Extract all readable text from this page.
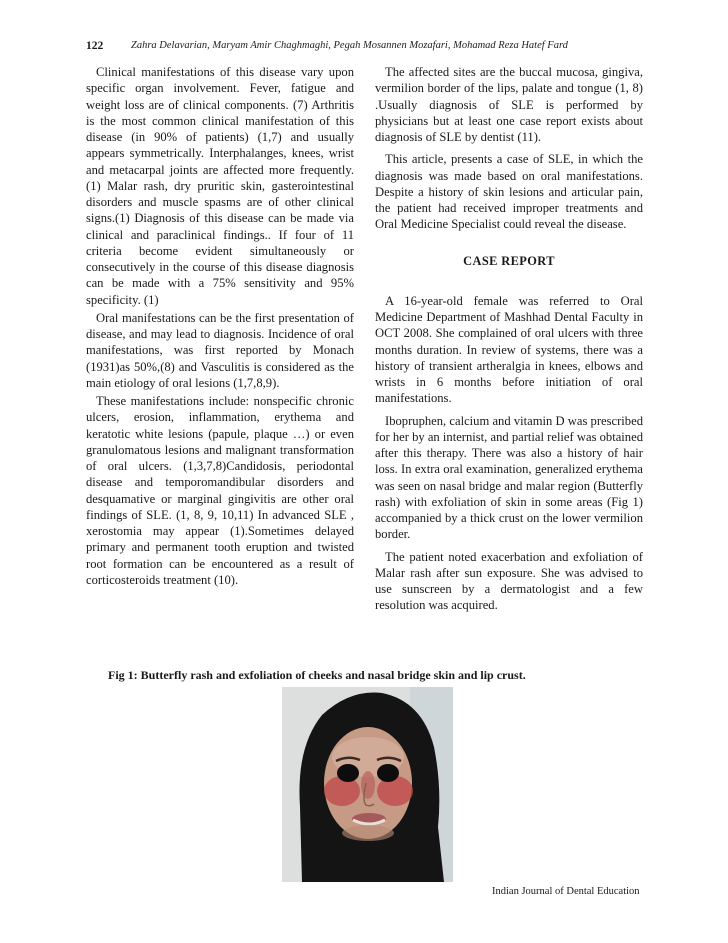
122	Zahra Delavarian, Maryam Amir Chaghmaghi, Pegah Mosannen Mozafari, Mohamad Reza Hatef Fard

Clinical manifestations of this disease vary upon specific organ involvement. Fever, fatigue and weight loss are of clinical components. (7) Arthritis is the most common clinical manifestation of this disease (in 90% of patients) (1,7) and usually appears symmetrically. Interphalanges, knees, wrist and metacarpal joints are affected more frequently.(1) Malar rash, dry pruritic skin, gasterointestinal disorders and muscle spasms are of other clinical signs.(1) Diagnosis of this disease can be made via clinical and paraclinical findings.. If four of 11 criteria become evident simultaneously or consecutively in the course of this disease diagnosis can be made with a 75% sensitivity and 95% specificity. (1)

Oral manifestations can be the first presentation of disease, and may lead to diagnosis. Incidence of oral manifestations, was first reported by Monach (1931)as 50%,(8) and Vasculitis is considered as the main etiology of oral lesions (1,7,8,9).

These manifestations include: nonspecific chronic ulcers, erosion, inflammation, erythema and keratotic white lesions (papule, plaque …) or even granulomatous lesions and malignant transformation of oral ulcers. (1,3,7,8)Candidosis, periodontal disease and temporomandibular disorders and desquamative or marginal gingivitis are other oral findings of SLE. (1, 8, 9, 10,11) In advanced SLE , xerostomia may appear (1).Sometimes delayed primary and permanent tooth eruption and twisted root formation can be encountered as a result of corticosteroids treatment (10).

The affected sites are the buccal mucosa, gingiva, vermilion border of the lips, palate and tongue (1, 8) .Usually diagnosis of SLE is performed by physicians but at least one case report exists about diagnosis of SLE by dentist (11).

This article, presents a case of SLE, in which the diagnosis was made based on oral manifestations. Despite a history of skin lesions and articular pain, the patient had received improper treatments and Oral Medicine Specialist could reveal the disease.

CASE REPORT

A 16-year-old female was referred to Oral Medicine Department of Mashhad Dental Faculty in OCT 2008. She complained of oral ulcers with three months duration. In review of systems, there was a history of transient artheralgia in knees, elbows and wrists in 6 months before initiation of oral manifestations.

Ibopruphen, calcium and vitamin D was prescribed for her by an internist, and partial relief was obtained after this therapy. There was also a history of hair loss. In extra oral examination, generalized erythema was seen on nasal bridge and malar region (Butterfly rash) with exfoliation of skin in some areas (Fig 1) accompanied by a thick crust on the lower vermilion border.

The patient noted exacerbation and exfoliation of Malar rash after sun exposure. She was advised to use sunscreen by a dermatologist and a few resolution was acquired.

Fig 1: Butterfly rash and exfoliation of cheeks and nasal bridge skin and lip crust.
Indian Journal of Dental Education
